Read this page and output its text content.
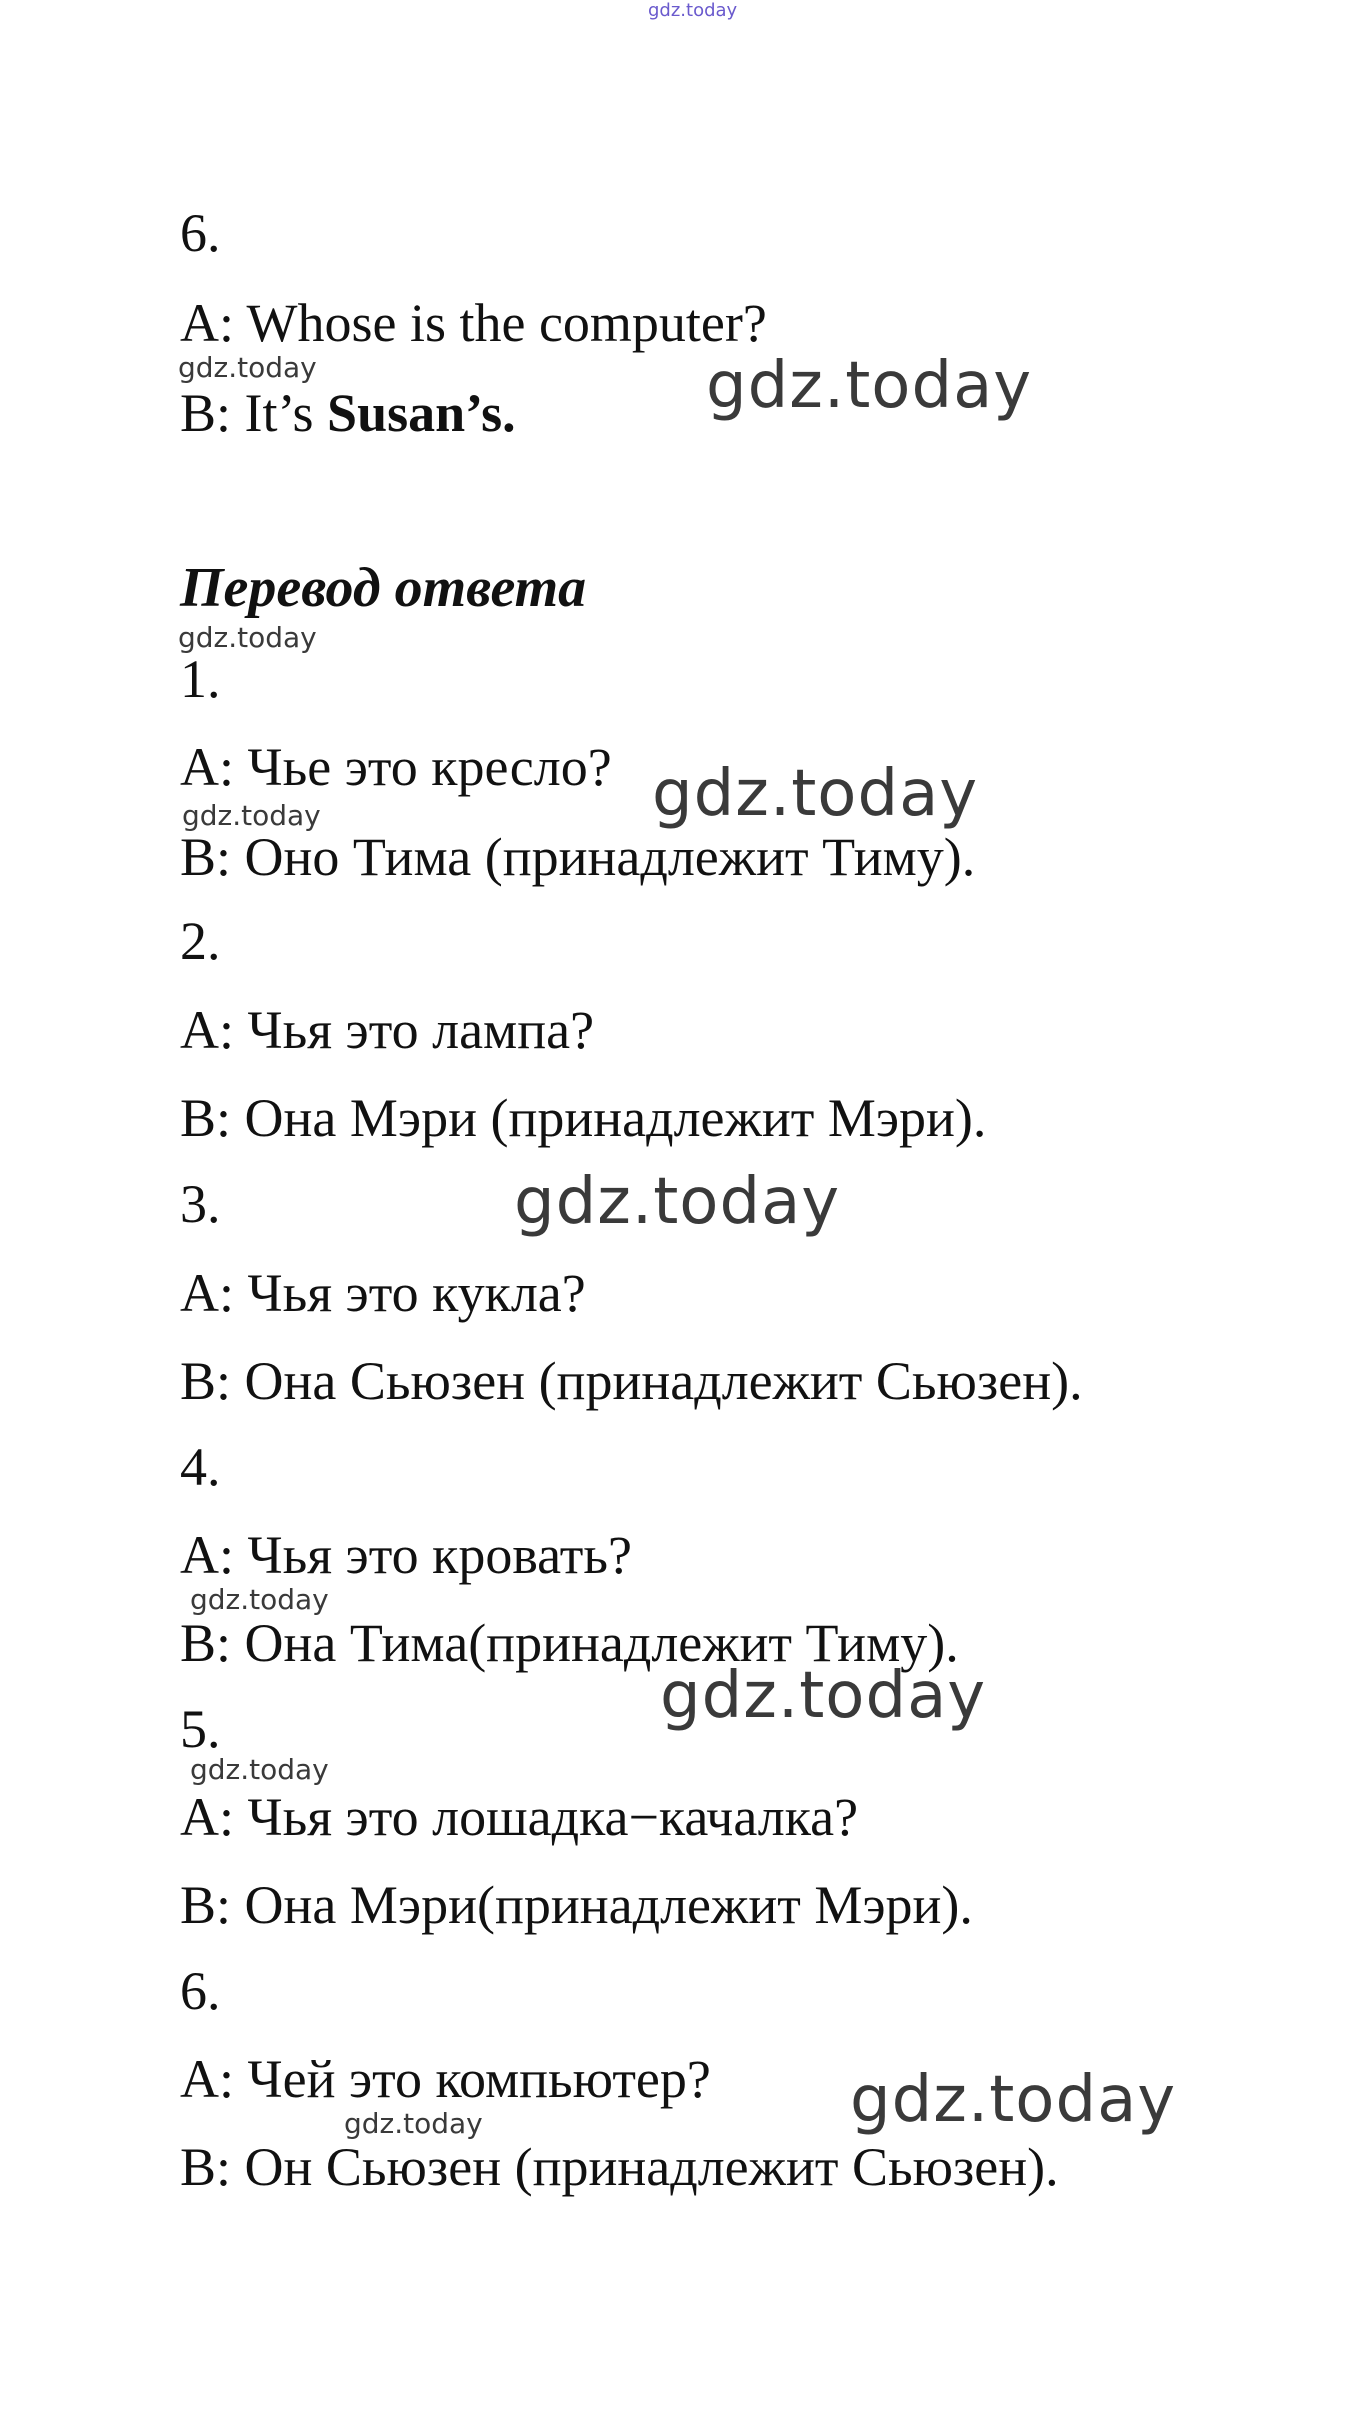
gdz.today
6.
A: Whose is the computer?
gdz.today	gdz.today
B: It’s Susan’s.
Перевод ответа
gdz.today
1.
A: Чье это кресло? gdz.today
gdz.today
B: Оно Тима (принадлежит Тиму).
2.
A: Чья это лампа?
B: Она Мэри (принадлежит Мэри).
3.	gdz.today
A: Чья это кукла?
B: Она Сьюзен (принадлежит Сьюзен).
4.
A: Чья это кровать?
gdz.today
B: Она Тима(принадлежит Тиму).
gdz.today
5.
gdz.today
A: Чья это лошадка−качалка?
B: Она Мэри(принадлежит Мэри).
6.
A: Чей это компьютер? gdz.today
gdz.today
B: Он Сьюзен (принадлежит Сьюзен).
